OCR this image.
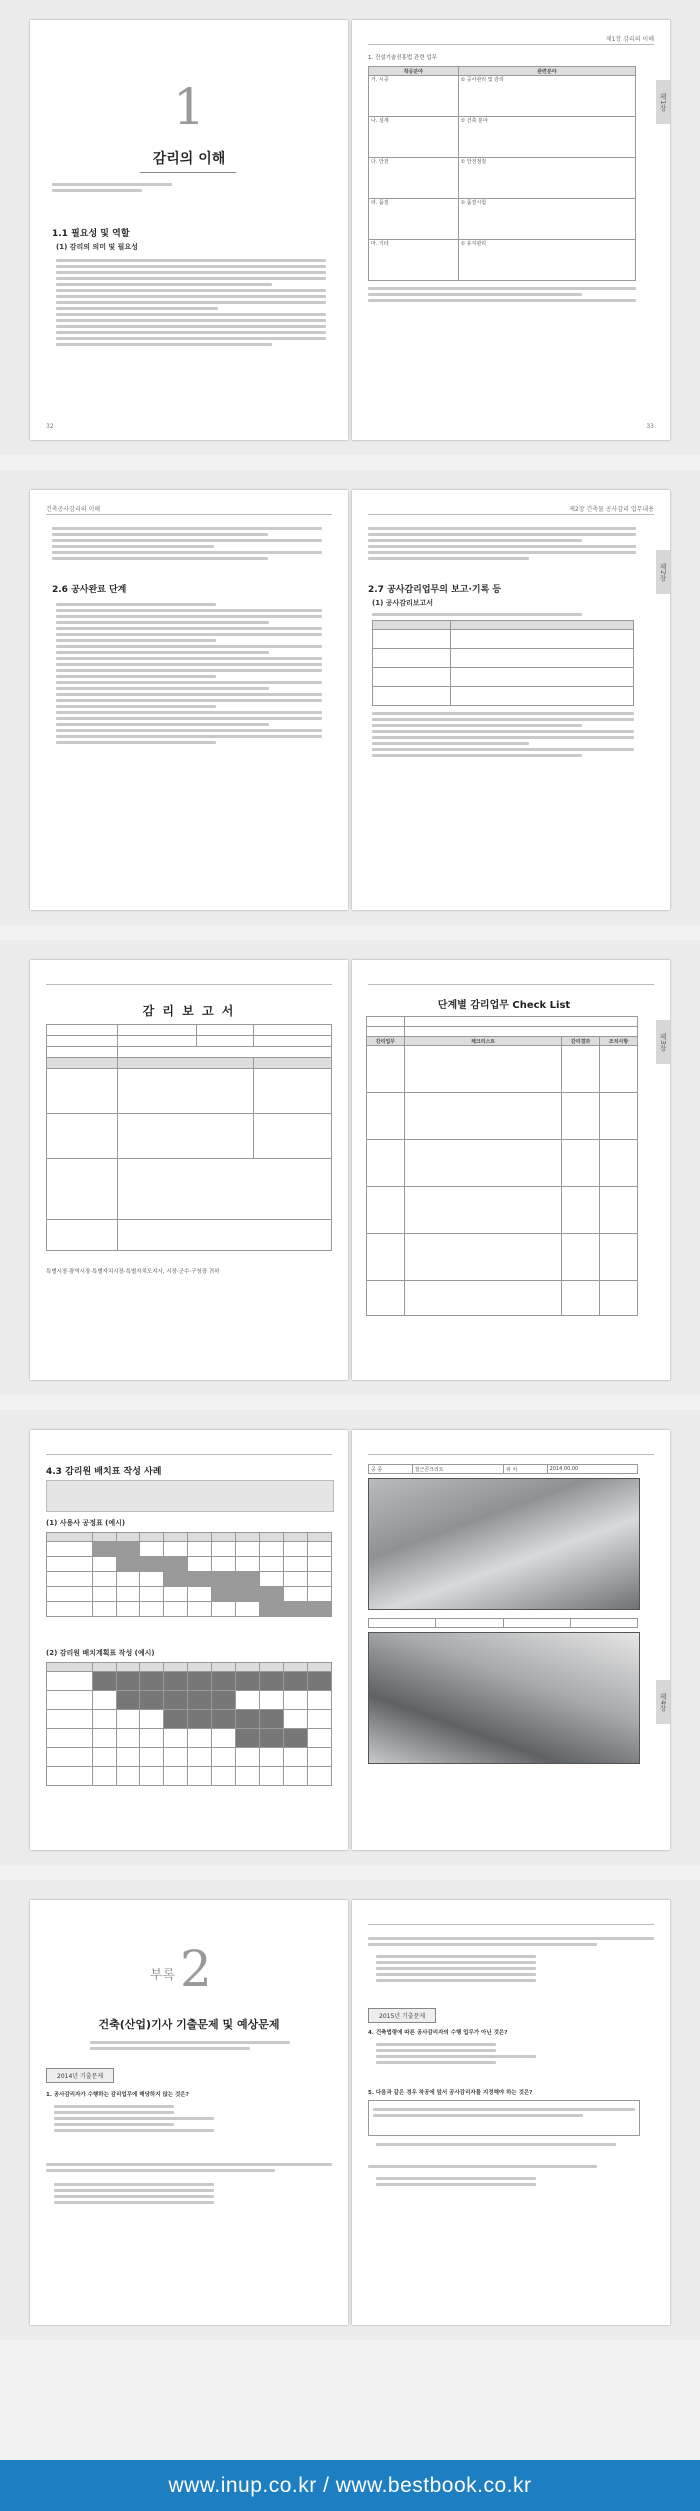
1
감리의 이해
1.1 필요성 및 역할
(1) 감리의 의미 및 필요성
32
제1장 감리의 이해
제1장
1. 건설기술진흥법 관련 업무
착공분야	관련분야
가. 시공	① 공사관리 및 감리
나. 설계	① 건축 분야
다. 안전	① 안전점검
라. 품질	① 품질시험
마. 기타	① 유지관리
33
건축공사감리의 이해
2.6 공사완료 단계
제2장 건축물 공사감리 업무내용
제2장
2.7 공사감리업무의 보고·기록 등
(1) 공사감리보고서

감 리 보 고 서

특별시장·광역시장·특별자치시장·특별자치도지사, 시장·군수·구청장 귀하
제3장
단계별 감리업무 Check List

감리업무	체크리스트	감리결과	조치사항

4.3 감리원 배치표 작성 사례
(1) 사용사 공정표 (예시)

(2) 감리원 배치계획표 작성 (예시)

제4장
공 종	철근콘크리트	위 치	2014.00.00

부록 2
건축(산업)기사 기출문제 및 예상문제
2014년 기출문제
1. 공사감리자가 수행하는 감리업무에 해당하지 않는 것은?
2015년 기출문제
4. 건축법령에 따른 공사감리자의 수행 업무가 아닌 것은?
5. 다음과 같은 경우 착공에 앞서 공사감리자를 지정해야 하는 것은?
www.inup.co.kr / www.bestbook.co.kr
